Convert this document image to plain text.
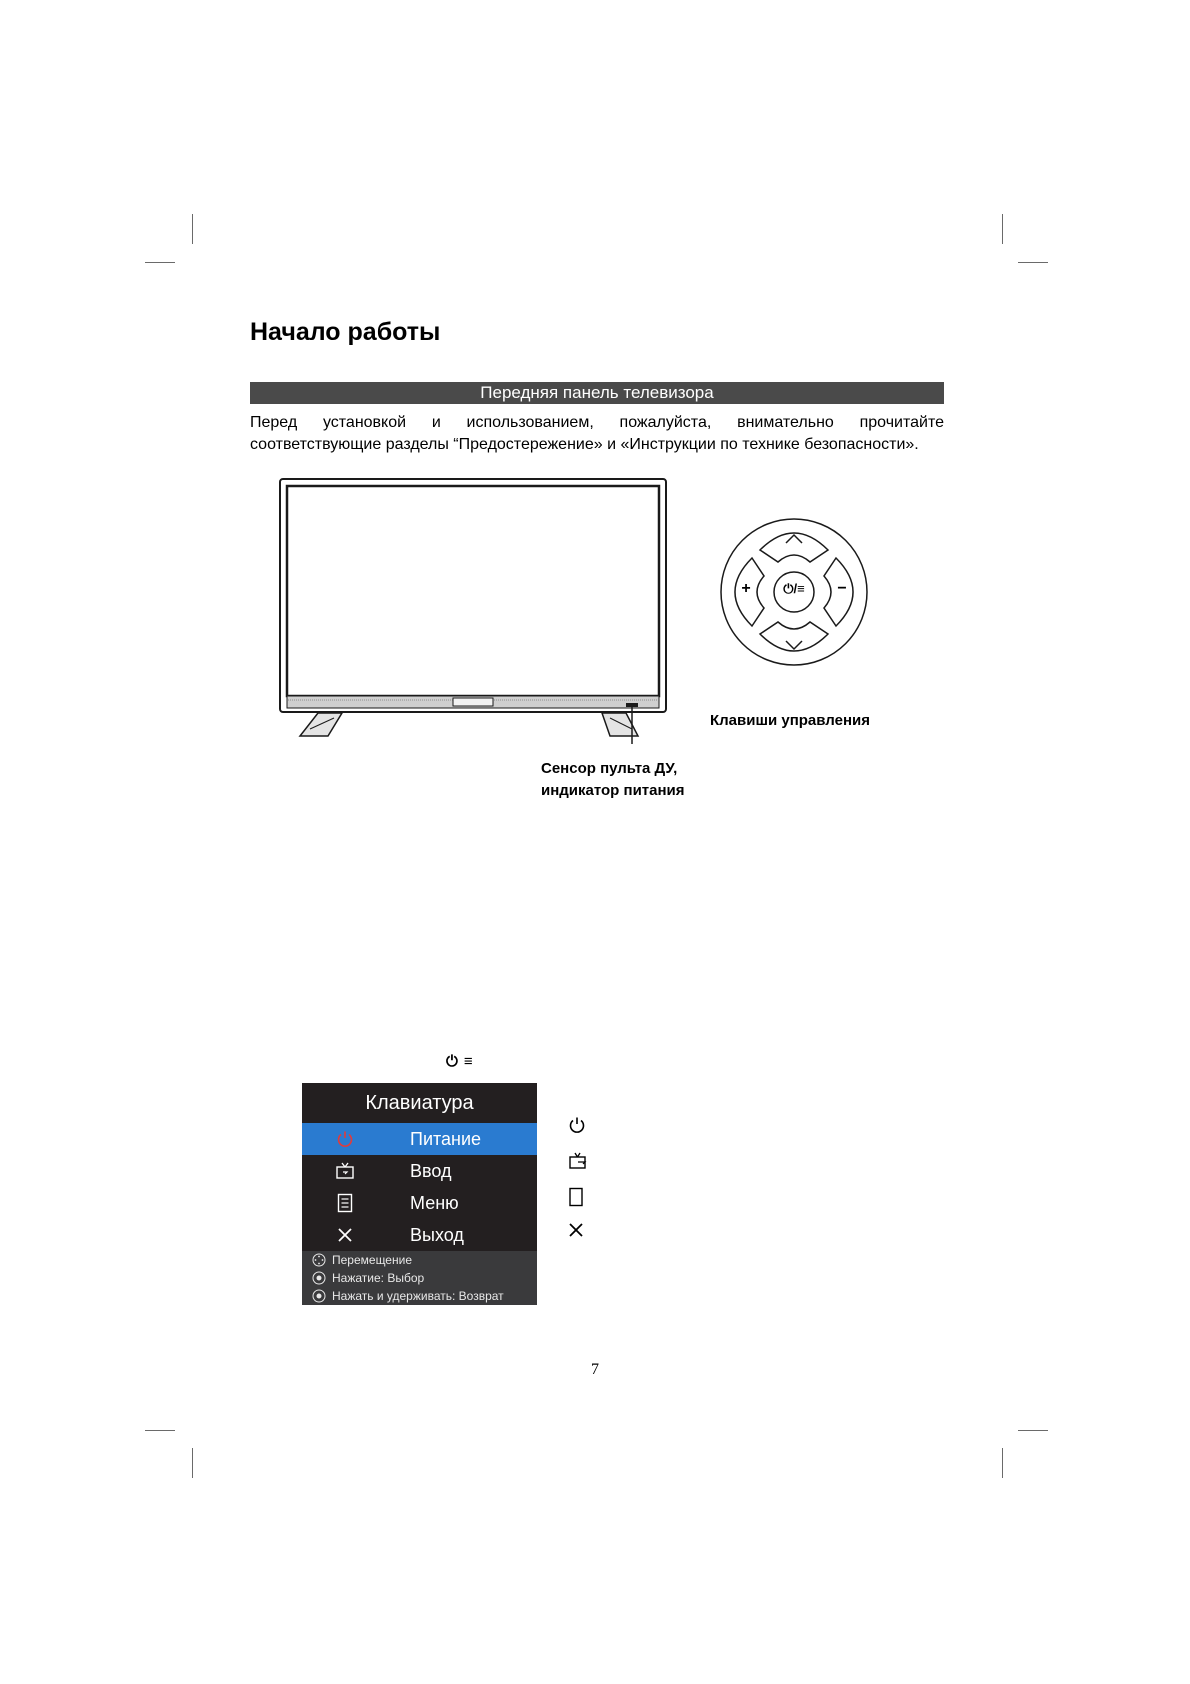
Начало работы
Передняя панель телевизора

Перед установкой и использованием, пожалуйста, внимательно прочитайте
соответствующие разделы “Предостережение» и «Инструкции по технике безопасности».

⏻/≡
+	−
Клавиши управления
Сенсор пульта ДУ,
индикатор питания
⏻ ≡
Клавиатура
Питание
Ввод
Меню
Выход
Перемещение
Нажатие: Выбор
Нажать и удерживать: Возврат
7
